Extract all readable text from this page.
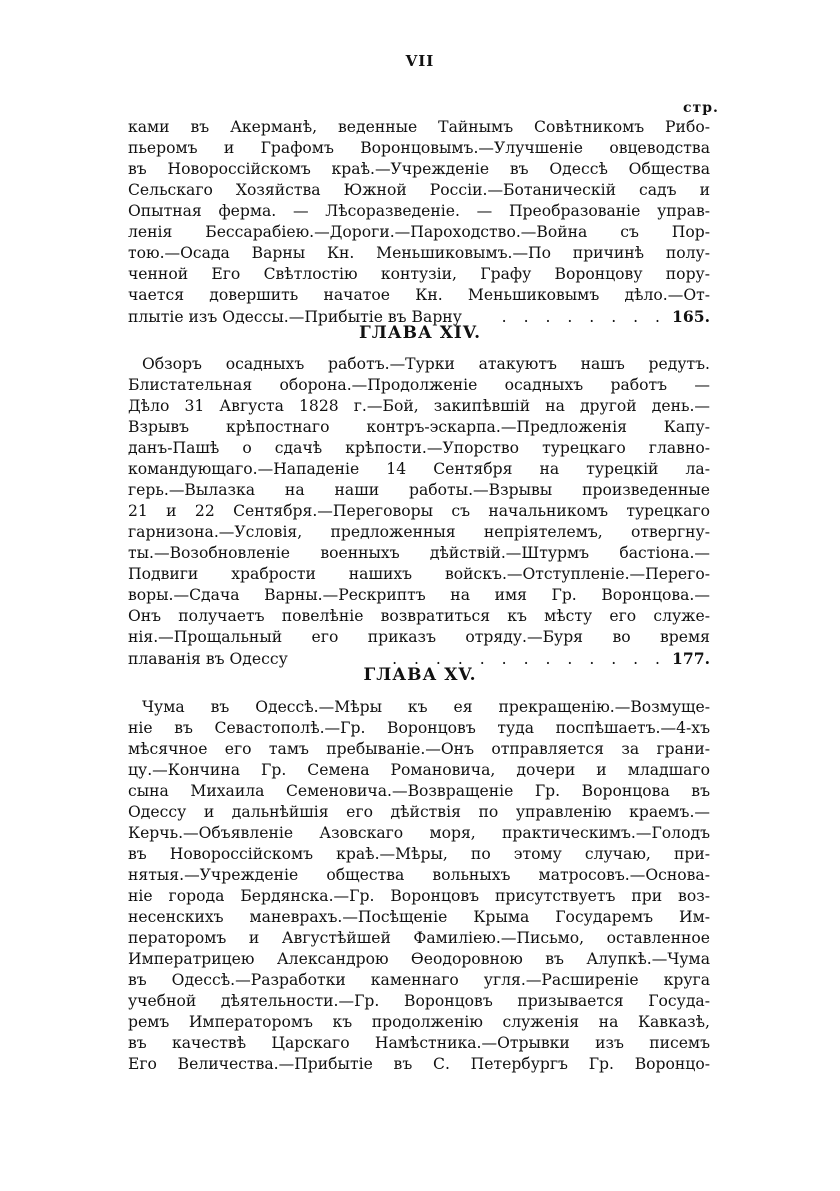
VII
стр.
ками въ Акерманѣ, веденные Тайнымъ Совѣтникомъ Рибо-
пьеромъ и Графомъ Воронцовымъ.—Улучшеніе овцеводства
въ Новороссійскомъ краѣ.—Учрежденіе въ Одессѣ Общества
Сельскаго Хозяйства Южной Россіи.—Ботаническій садъ и
Опытная ферма. — Лѣсоразведеніе. — Преобразованіе управ-
ленія Бессарабіею.—Дороги.—Пароходство.—Война съ Пор-
тою.—Осада Варны Кн. Меньшиковымъ.—По причинѣ полу-
ченной Его Свѣтлостію контузіи, Графу Воронцову пору-
чается довершить начатое Кн. Меньшиковымъ дѣло.—От-
плытіе изъ Одессы.—Прибытіе въ Варну	. . . . . . . . 165.
ГЛАВА XIV.
Обзоръ осадныхъ работъ.—Турки атакуютъ нашъ редутъ.
Блистательная оборона.—Продолженіе осадныхъ работъ —
Дѣло 31 Августа 1828 г.—Бой, закипѣвшій на другой день.—
Взрывъ крѣпостнаго контръ-эскарпа.—Предложенія Капу-
данъ-Пашѣ о сдачѣ крѣпости.—Упорство турецкаго главно-
командующаго.—Нападеніе 14 Сентября на турецкій ла-
герь.—Вылазка на наши работы.—Взрывы произведенные
21 и 22 Сентября.—Переговоры съ начальникомъ турецкаго
гарнизона.—Условія, предложенныя непріятелемъ, отвергну-
ты.—Возобновленіе военныхъ дѣйствій.—Штурмъ бастіона.—
Подвиги храбрости нашихъ войскъ.—Отступленіе.—Перего-
воры.—Сдача Варны.—Рескриптъ на имя Гр. Воронцова.—
Онъ получаетъ повелѣніе возвратиться къ мѣсту его служе-
нія.—Прощальный его приказъ отряду.—Буря во время
плаванія въ Одессу	. . . . . . . . . . . . . 177.
ГЛАВА XV.
Чума въ Одессѣ.—Мѣры къ ея прекращенію.—Возмуще-
ніе въ Севастополѣ.—Гр. Воронцовъ туда поспѣшаетъ.—4-хъ
мѣсячное его тамъ пребываніе.—Онъ отправляется за грани-
цу.—Кончина Гр. Семена Романовича, дочери и младшаго
сына Михаила Семеновича.—Возвращеніе Гр. Воронцова въ
Одессу и дальнѣйшія его дѣйствія по управленію краемъ.—
Керчь.—Объявленіе Азовскаго моря, практическимъ.—Голодъ
въ Новороссійскомъ краѣ.—Мѣры, по этому случаю, при-
нятыя.—Учрежденіе общества вольныхъ матросовъ.—Основа-
ніе города Бердянска.—Гр. Воронцовъ присутствуетъ при воз-
несенскихъ маневрахъ.—Посѣщеніе Крыма Государемъ Им-
ператоромъ и Августѣйшей Фамиліею.—Письмо, оставленное
Императрицею Александрою Ѳеодоровною въ Алупкѣ.—Чума
въ Одессѣ.—Разработки каменнаго угля.—Расширеніе круга
учебной дѣятельности.—Гр. Воронцовъ призывается Госуда-
ремъ Императоромъ къ продолженію служенія на Кавказѣ,
въ качествѣ Царскаго Намѣстника.—Отрывки изъ писемъ
Его Величества.—Прибытіе въ С. Петербургъ Гр. Воронцо-
